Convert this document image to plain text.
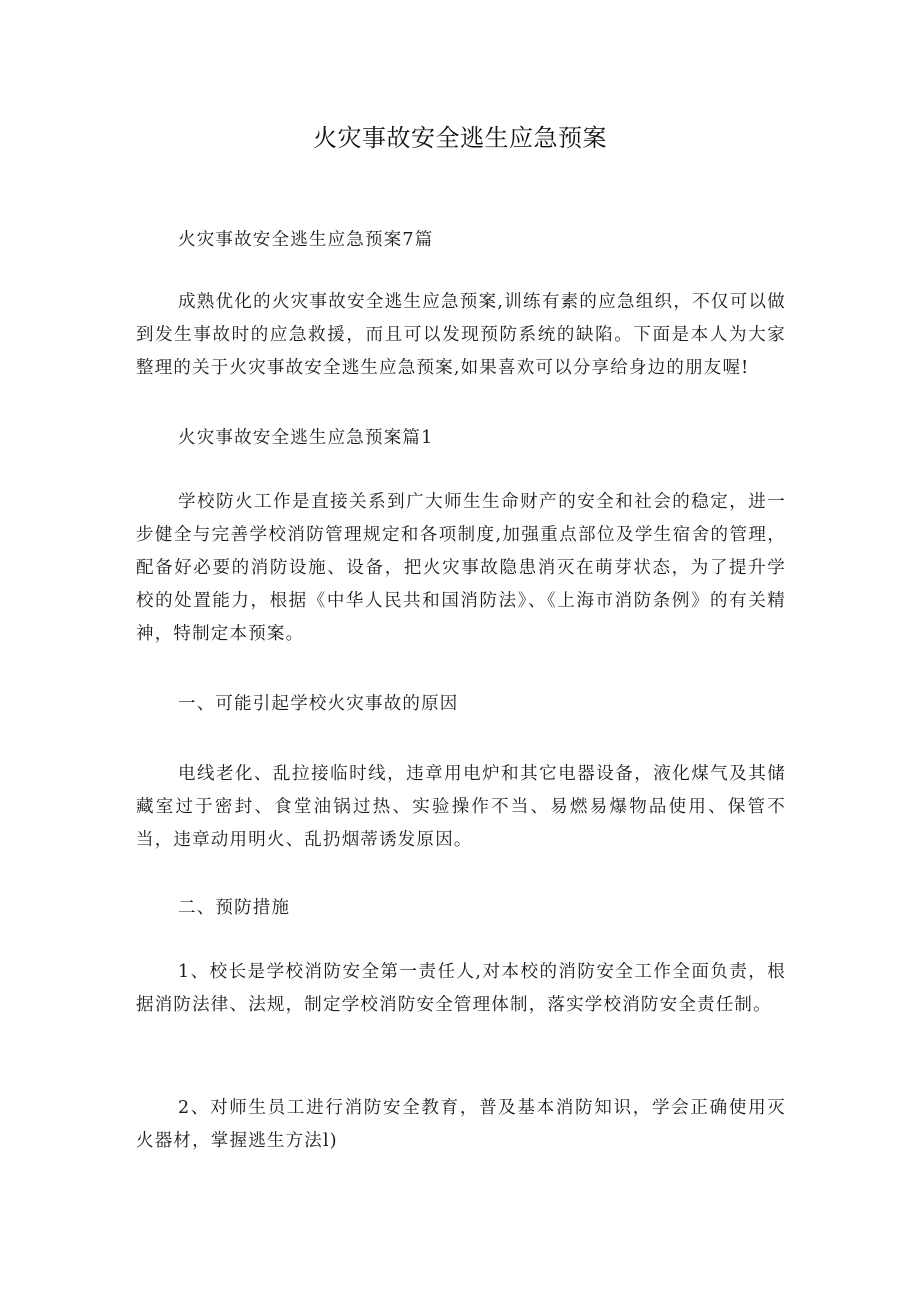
火灾事故安全逃生应急预案

火灾事故安全逃生应急预案7篇

成熟优化的火灾事故安全逃生应急预案,训练有素的应急组织，不仅可以做到发生事故时的应急救援，而且可以发现预防系统的缺陷。下面是本人为大家整理的关于火灾事故安全逃生应急预案,如果喜欢可以分享给身边的朋友喔!

火灾事故安全逃生应急预案篇1

学校防火工作是直接关系到广大师生生命财产的安全和社会的稳定，进一步健全与完善学校消防管理规定和各项制度,加强重点部位及学生宿舍的管理，配备好必要的消防设施、设备，把火灾事故隐患消灭在萌芽状态，为了提升学校的处置能力，根据《中华人民共和国消防法》、《上海市消防条例》的有关精神，特制定本预案。

一、可能引起学校火灾事故的原因

电线老化、乱拉接临时线，违章用电炉和其它电器设备，液化煤气及其储藏室过于密封、食堂油锅过热、实验操作不当、易燃易爆物品使用、保管不当，违章动用明火、乱扔烟蒂诱发原因。

二、预防措施

1、校长是学校消防安全第一责任人,对本校的消防安全工作全面负责，根据消防法律、法规，制定学校消防安全管理体制，落实学校消防安全责任制。

2、对师生员工进行消防安全教育，普及基本消防知识，学会正确使用灭火器材，掌握逃生方法l)
